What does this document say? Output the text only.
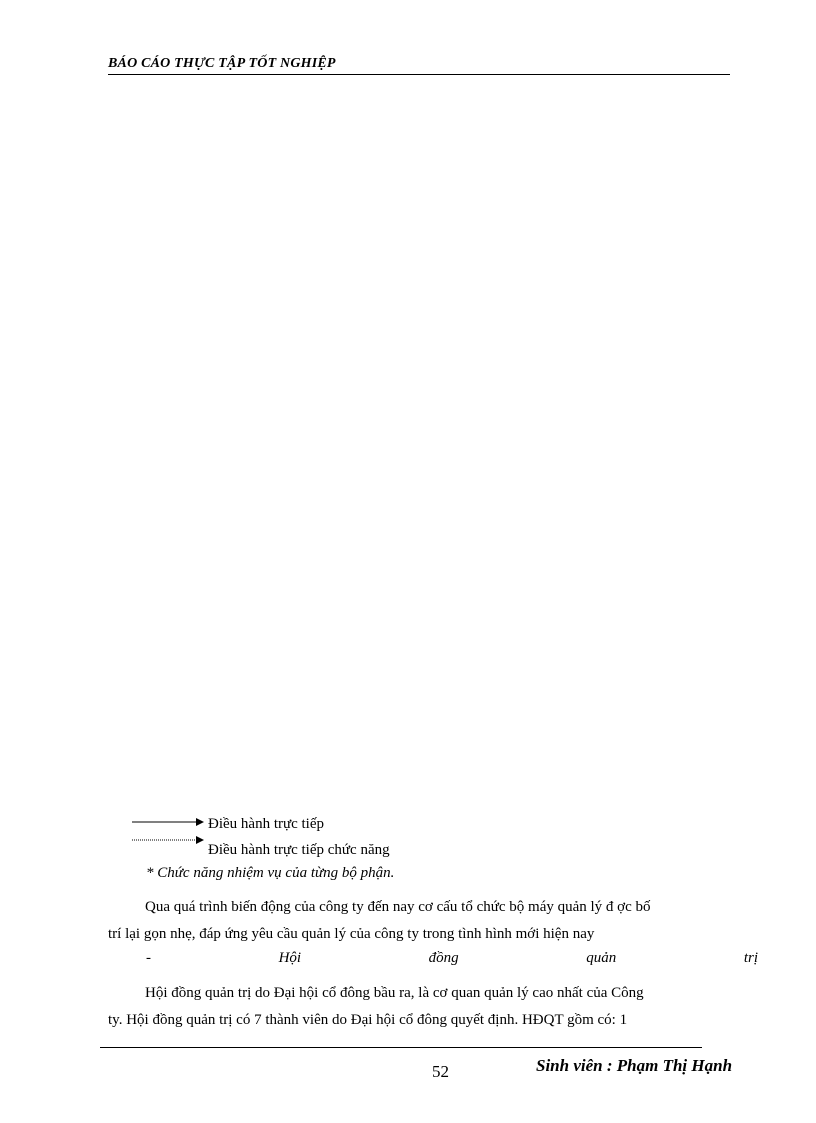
BÁO CÁO THỰC TẬP TỐT NGHIỆP
Điều hành trực tiếp
Điều hành trực tiếp chức năng
* Chức năng nhiệm vụ của từng bộ phận.
Qua quá trình biến động của công ty đến nay cơ cấu tổ chức bộ máy quản lý đ ợc bố
trí lại gọn nhẹ, đáp ứng yêu cầu quản lý của công ty trong tình hình mới hiện nay
-	Hội	đồng	quản	trị
Hội đồng quản trị do Đại hội cổ đông bầu ra, là cơ quan quản lý cao nhất của Công
ty. Hội đồng quản trị có 7 thành viên do Đại hội cổ đông quyết định. HĐQT gồm có: 1
52	Sinh viên : Phạm Thị Hạnh
